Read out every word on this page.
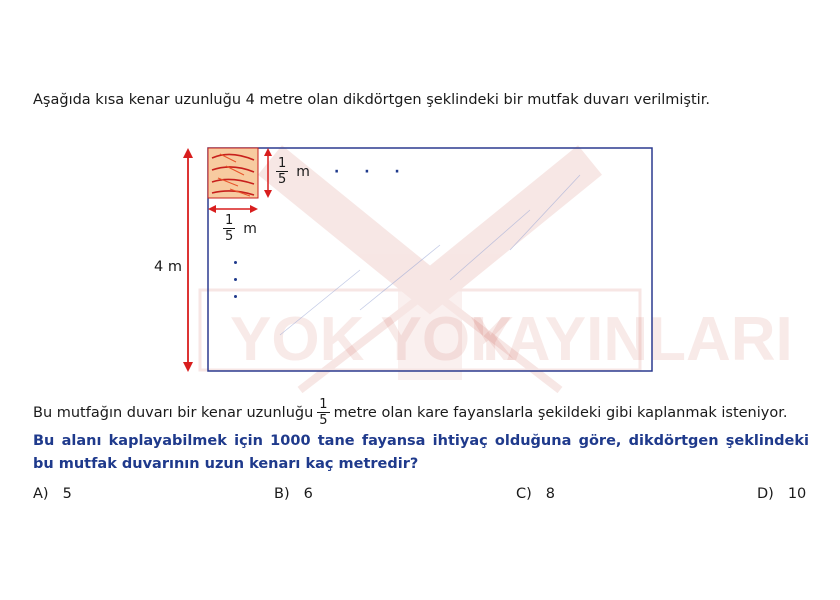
Aşağıda kısa kenar uzunluğu 4 metre olan dikdörtgen şeklindeki bir mutfak duvarı verilmiştir.
YOK YOK
YAYINLARI
4 m
$\frac{1}{5}$ m · · ·
$\frac{1}{5}$ m
Bu mutfağın duvarı bir kenar uzunluğu $\frac{1}{5}$ metre olan kare fayanslarla şekildeki gibi kaplanmak isteniyor.
Bu alanı kaplayabilmek için 1000 tane fayansa ihtiyaç olduğuna göre, dikdörtgen şeklindeki bu mutfak duvarının uzun kenarı kaç metredir?
A) 5	B) 6	C) 8	D) 10
